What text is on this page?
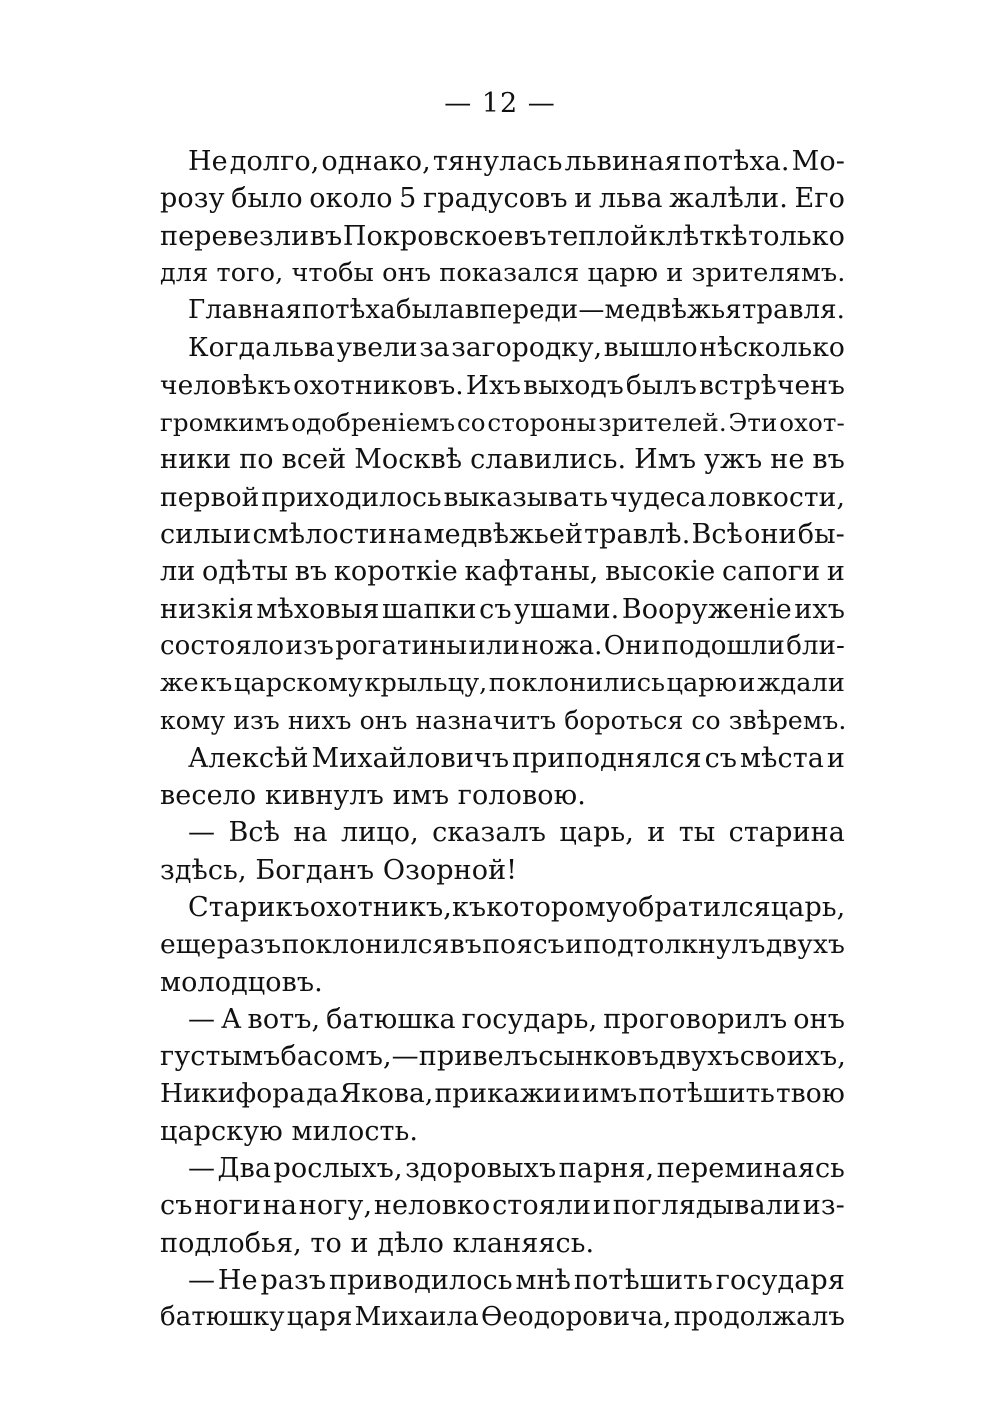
— 12 —
Не долго, однако, тянулась львиная потѣха. Мо-
розу было около 5 градусовъ и льва жалѣли. Его
перевезли въ Покровское въ теплой клѣткѣ только
для того, чтобы онъ показался царю и зрителямъ.
Главная потѣха была впереди — медвѣжья травля.
Когда льва увели за загородку, вышло нѣсколько
человѣкъ охотниковъ. Ихъ выходъ былъ встрѣченъ
громкимъ одобреніемъ со стороны зрителей. Эти охот-
ники по всей Москвѣ славились. Имъ ужъ не въ
первой приходилось выказывать чудеса ловкости,
силы и смѣлости на медвѣжьей травлѣ. Всѣ они бы-
ли одѣты въ короткіе кафтаны, высокіе сапоги и
низкія мѣховыя шапки съ ушами. Вооруженіе ихъ
состояло изъ рогатины или ножа. Они подошли бли-
же къ царскому крыльцу, поклонились царю и ждали
кому изъ нихъ онъ назначитъ бороться со звѣремъ.
Алексѣй Михайловичъ приподнялся съ мѣста и
весело кивнулъ имъ головою.
— Всѣ на лицо, сказалъ царь, и ты старина
здѣсь, Богданъ Озорной!
Старикъ охотникъ, къ которому обратился царь,
еще разъ поклонился въ поясъ и подтолкнулъ двухъ
молодцовъ.
— А вотъ, батюшка государь, проговорилъ онъ
густымъ басомъ, — привелъ сынковъ двухъ своихъ,
Никифора да Якова, прикажи и имъ потѣшить твою
царскую милость.
— Два рослыхъ, здоровыхъ парня, переминаясь
съ ноги на ногу, неловко стояли и поглядывали из-
подлобья, то и дѣло кланяясь.
— Не разъ приводилось мнѣ потѣшить государя
батюшку царя Михаила Ѳеодоровича, продолжалъ
